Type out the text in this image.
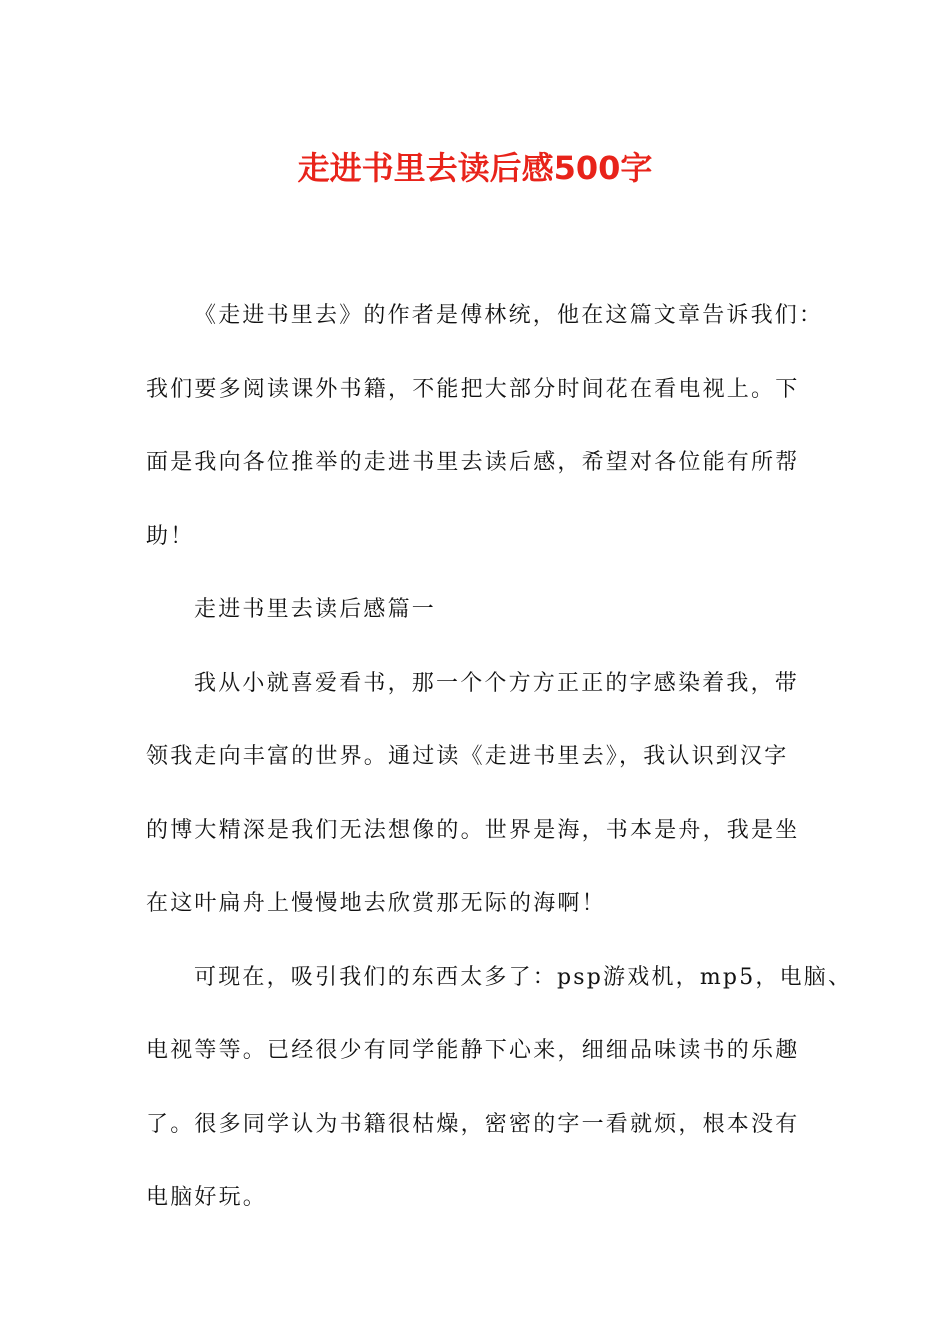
走进书里去读后感500字
《走进书里去》的作者是傅林统，他在这篇文章告诉我们：
我们要多阅读课外书籍，不能把大部分时间花在看电视上。下
面是我向各位推举的走进书里去读后感，希望对各位能有所帮
助！
走进书里去读后感篇一
我从小就喜爱看书，那一个个方方正正的字感染着我，带
领我走向丰富的世界。通过读《走进书里去》，我认识到汉字
的博大精深是我们无法想像的。世界是海，书本是舟，我是坐
在这叶扁舟上慢慢地去欣赏那无际的海啊！
可现在，吸引我们的东西太多了：psp游戏机，mp5，电脑、
电视等等。已经很少有同学能静下心来，细细品味读书的乐趣
了。很多同学认为书籍很枯燥，密密的字一看就烦，根本没有
电脑好玩。
